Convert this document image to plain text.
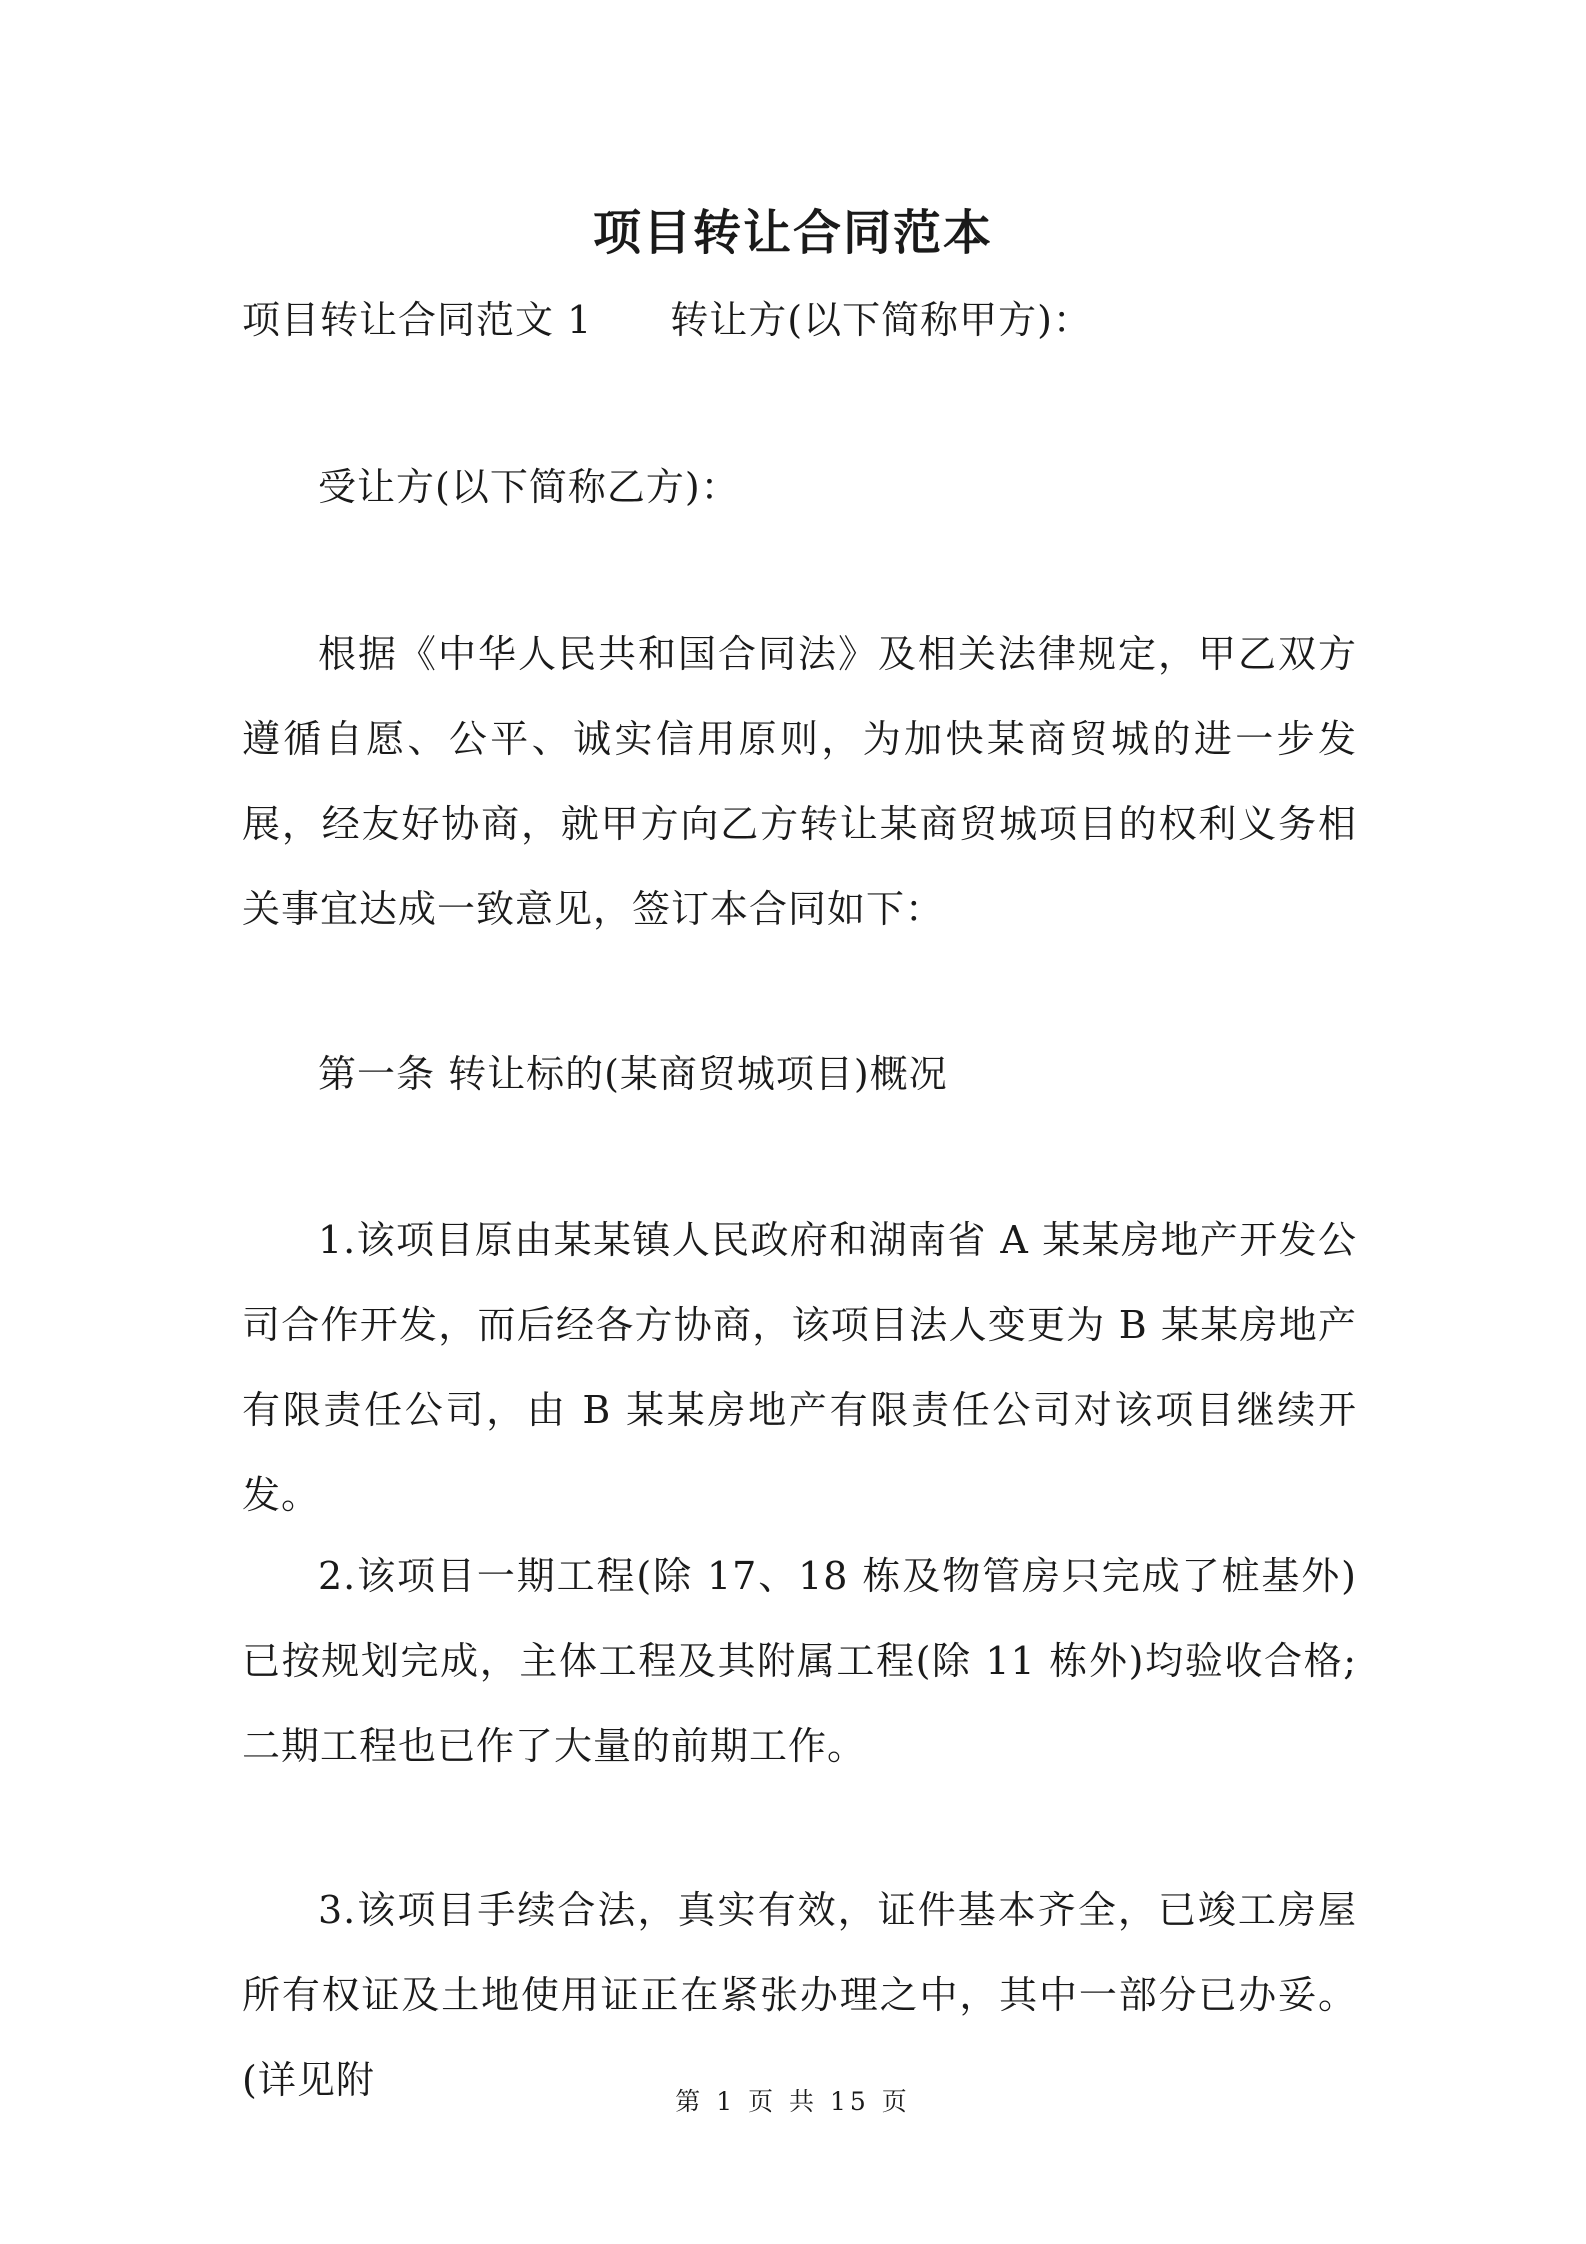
项目转让合同范本
项目转让合同范文 1 转让方(以下简称甲方)：
受让方(以下简称乙方)：
根据《中华人民共和国合同法》及相关法律规定，甲乙双方遵循自愿、公平、诚实信用原则，为加快某商贸城的进一步发展，经友好协商，就甲方向乙方转让某商贸城项目的权利义务相关事宜达成一致意见，签订本合同如下：
第一条 转让标的(某商贸城项目)概况
1.该项目原由某某镇人民政府和湖南省 A 某某房地产开发公司合作开发，而后经各方协商，该项目法人变更为 B 某某房地产有限责任公司，由 B 某某房地产有限责任公司对该项目继续开发。
2.该项目一期工程(除 17、18 栋及物管房只完成了桩基外)已按规划完成，主体工程及其附属工程(除 11 栋外)均验收合格;二期工程也已作了大量的前期工作。
3.该项目手续合法，真实有效，证件基本齐全，已竣工房屋所有权证及土地使用证正在紧张办理之中，其中一部分已办妥。(详见附	第 1 页 共 15 页
